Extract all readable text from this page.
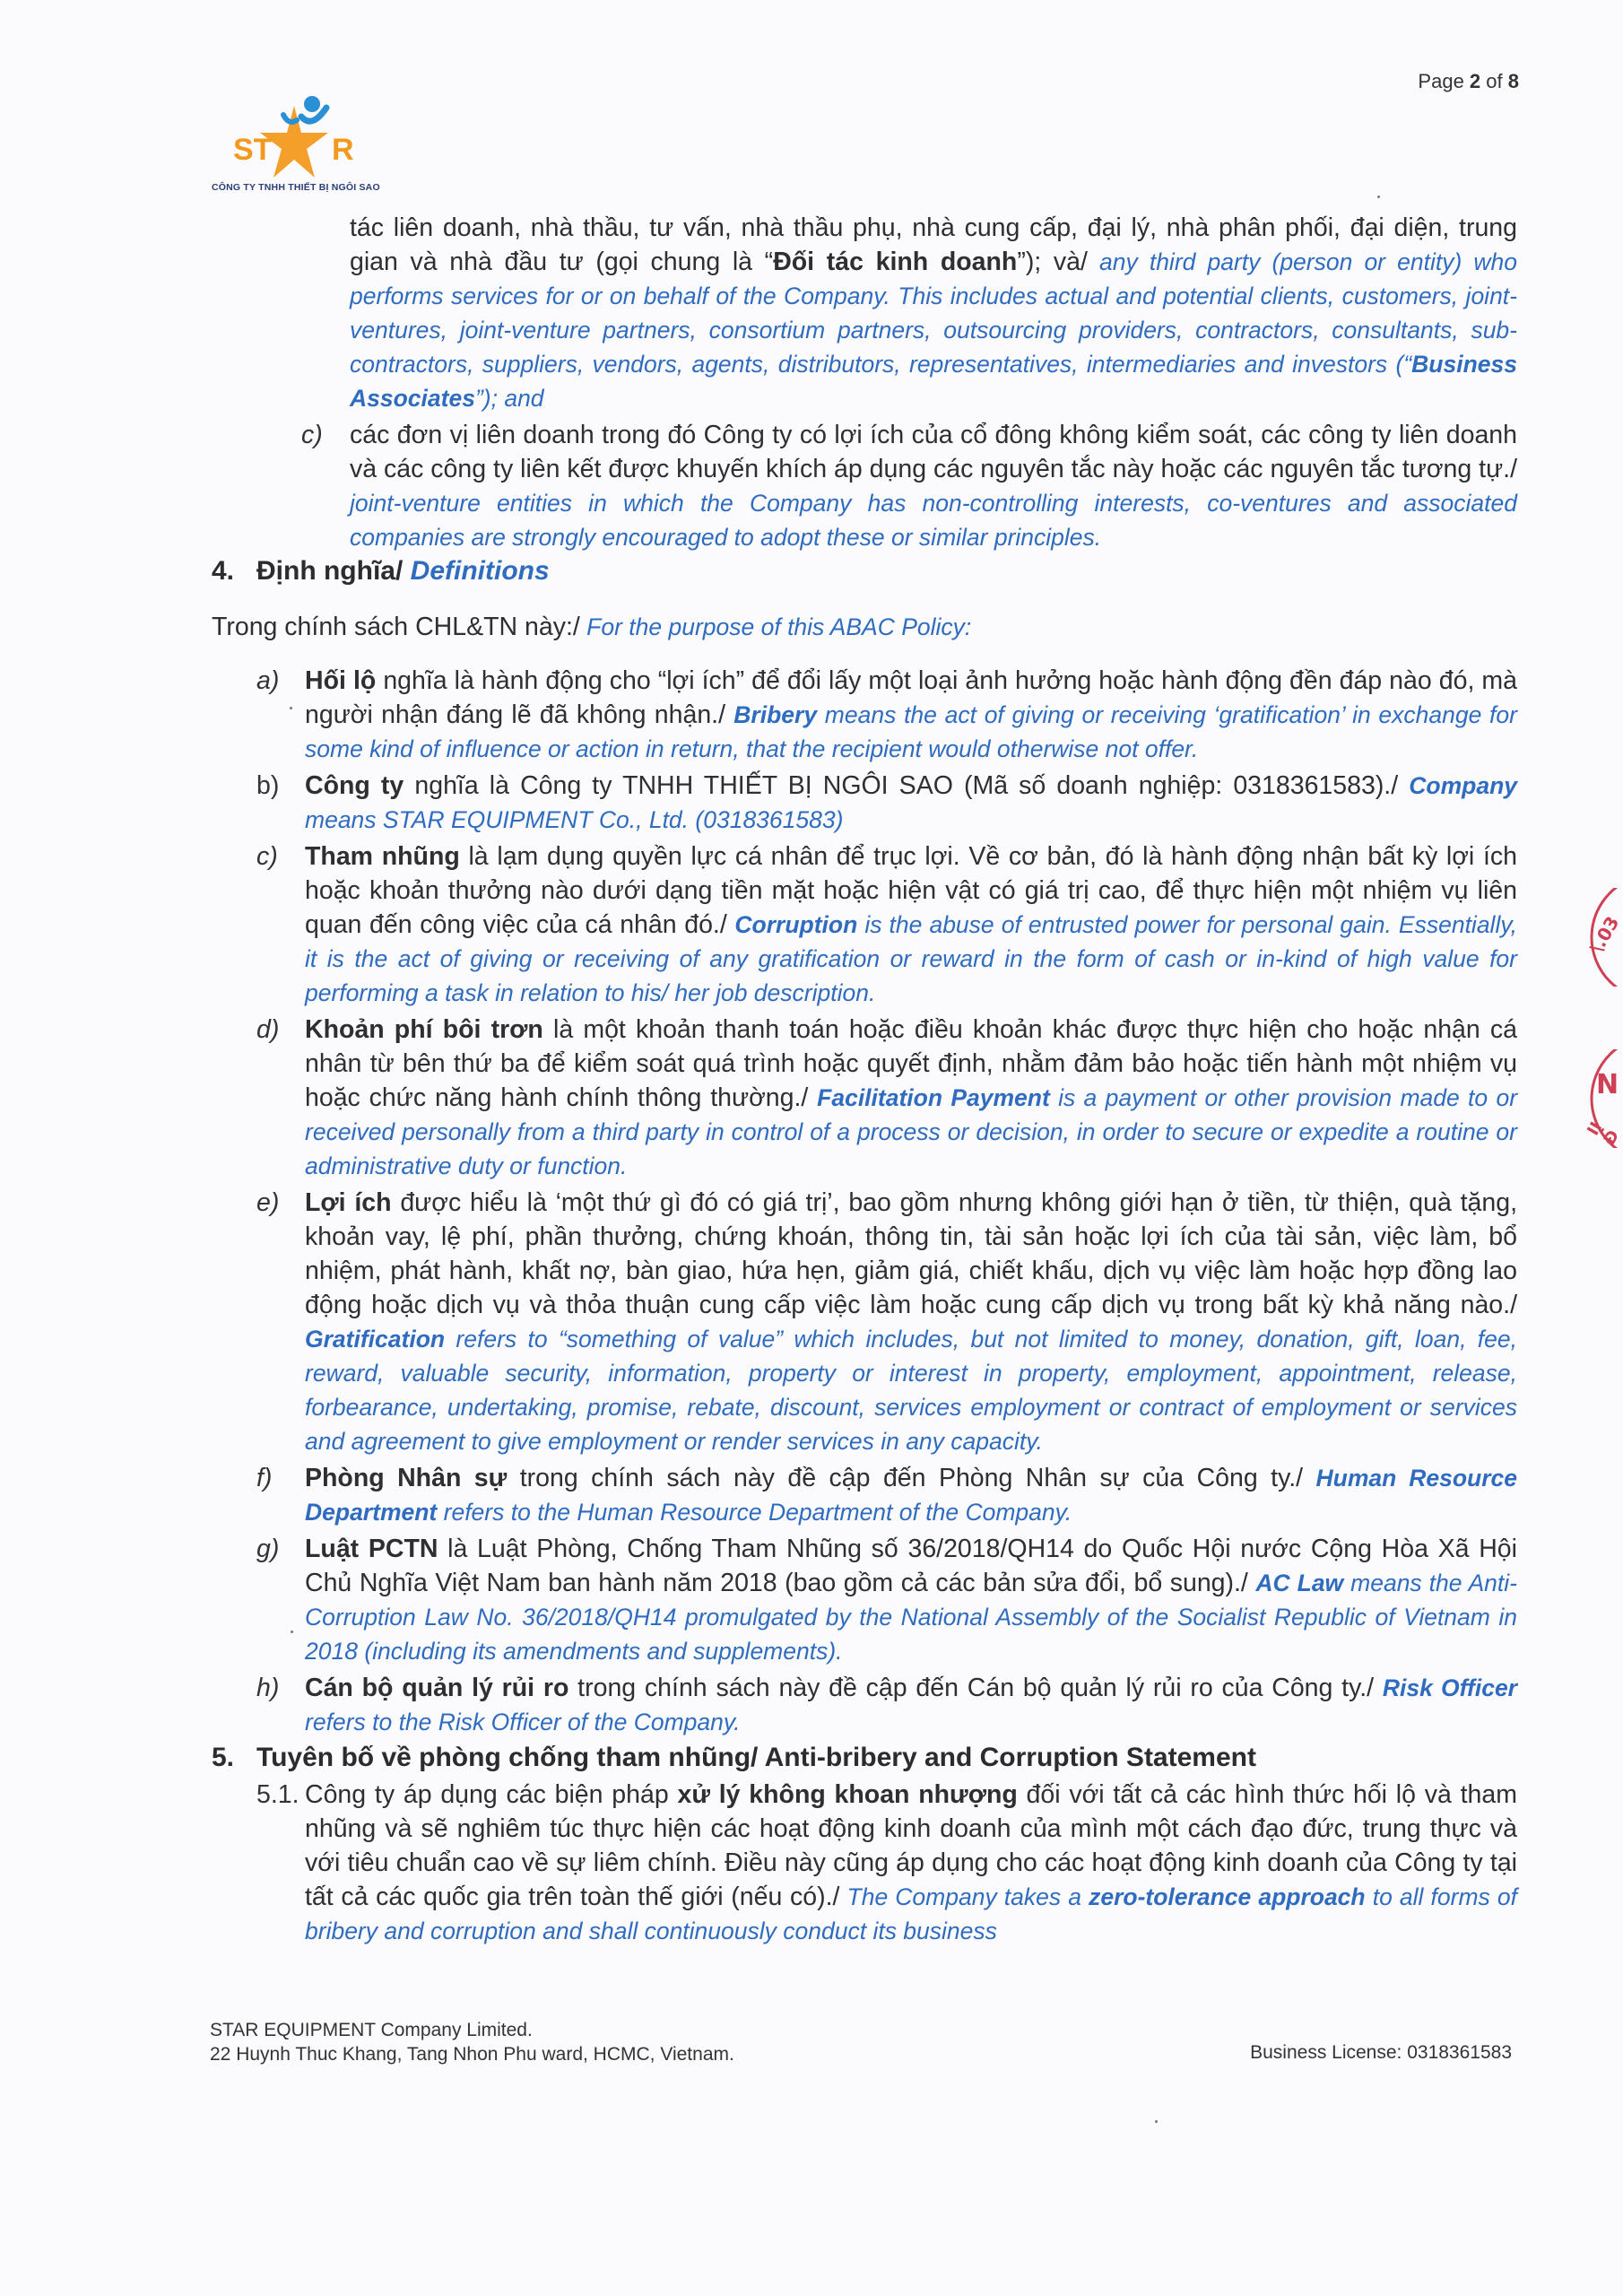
Page 2 of 8
ST R
CÔNG TY TNHH THIẾT BỊ NGÔI SAO
tác liên doanh, nhà thầu, tư vấn, nhà thầu phụ, nhà cung cấp, đại lý, nhà phân phối, đại diện, trung gian và nhà đầu tư (gọi chung là “Đối tác kinh doanh”); và/ any third party (person or entity) who performs services for or on behalf of the Company. This includes actual and potential clients, customers, joint-ventures, joint-venture partners, consortium partners, outsourcing providers, contractors, consultants, sub-contractors, suppliers, vendors, agents, distributors, representatives, intermediaries and investors (“Business Associates”); and
c)	các đơn vị liên doanh trong đó Công ty có lợi ích của cổ đông không kiểm soát, các công ty liên doanh và các công ty liên kết được khuyến khích áp dụng các nguyên tắc này hoặc các nguyên tắc tương tự./ joint-venture entities in which the Company has non-controlling interests, co-ventures and associated companies are strongly encouraged to adopt these or similar principles.
4. Định nghĩa/ Definitions
Trong chính sách CHL&TN này:/ For the purpose of this ABAC Policy:
a)	Hối lộ nghĩa là hành động cho “lợi ích” để đổi lấy một loại ảnh hưởng hoặc hành động đền đáp nào đó, mà người nhận đáng lẽ đã không nhận./ Bribery means the act of giving or receiving ‘gratification’ in exchange for some kind of influence or action in return, that the recipient would otherwise not offer.
b)	Công ty nghĩa là Công ty TNHH THIẾT BỊ NGÔI SAO (Mã số doanh nghiệp: 0318361583)./ Company means STAR EQUIPMENT Co., Ltd. (0318361583)
c)	Tham nhũng là lạm dụng quyền lực cá nhân để trục lợi. Về cơ bản, đó là hành động nhận bất kỳ lợi ích hoặc khoản thưởng nào dưới dạng tiền mặt hoặc hiện vật có giá trị cao, để thực hiện một nhiệm vụ liên quan đến công việc của cá nhân đó./ Corruption is the abuse of entrusted power for personal gain. Essentially, it is the act of giving or receiving of any gratification or reward in the form of cash or in-kind of high value for performing a task in relation to his/ her job description.
d)	Khoản phí bôi trơn là một khoản thanh toán hoặc điều khoản khác được thực hiện cho hoặc nhận cá nhân từ bên thứ ba để kiểm soát quá trình hoặc quyết định, nhằm đảm bảo hoặc tiến hành một nhiệm vụ hoặc chức năng hành chính thông thường./ Facilitation Payment is a payment or other provision made to or received personally from a third party in control of a process or decision, in order to secure or expedite a routine or administrative duty or function.
e)	Lợi ích được hiểu là ‘một thứ gì đó có giá trị’, bao gồm nhưng không giới hạn ở tiền, từ thiện, quà tặng, khoản vay, lệ phí, phần thưởng, chứng khoán, thông tin, tài sản hoặc lợi ích của tài sản, việc làm, bổ nhiệm, phát hành, khất nợ, bàn giao, hứa hẹn, giảm giá, chiết khấu, dịch vụ việc làm hoặc hợp đồng lao động hoặc dịch vụ và thỏa thuận cung cấp việc làm hoặc cung cấp dịch vụ trong bất kỳ khả năng nào./ Gratification refers to “something of value” which includes, but not limited to money, donation, gift, loan, fee, reward, valuable security, information, property or interest in property, employment, appointment, release, forbearance, undertaking, promise, rebate, discount, services employment or contract of employment or services and agreement to give employment or render services in any capacity.
f)	Phòng Nhân sự trong chính sách này đề cập đến Phòng Nhân sự của Công ty./ Human Resource Department refers to the Human Resource Department of the Company.
g)	Luật PCTN là Luật Phòng, Chống Tham Nhũng số 36/2018/QH14 do Quốc Hội nước Cộng Hòa Xã Hội Chủ Nghĩa Việt Nam ban hành năm 2018 (bao gồm cả các bản sửa đổi, bổ sung)./ AC Law means the Anti-Corruption Law No. 36/2018/QH14 promulgated by the National Assembly of the Socialist Republic of Vietnam in 2018 (including its amendments and supplements).
h)	Cán bộ quản lý rủi ro trong chính sách này đề cập đến Cán bộ quản lý rủi ro của Công ty./ Risk Officer refers to the Risk Officer of the Company.
5. Tuyên bố về phòng chống tham nhũng/ Anti-bribery and Corruption Statement
5.1. Công ty áp dụng các biện pháp xử lý không khoan nhượng đối với tất cả các hình thức hối lộ và tham nhũng và sẽ nghiêm túc thực hiện các hoạt động kinh doanh của mình một cách đạo đức, trung thực và với tiêu chuẩn cao về sự liêm chính. Điều này cũng áp dụng cho các hoạt động kinh doanh của Công ty tại tất cả các quốc gia trên toàn thế giới (nếu có)./ The Company takes a zero-tolerance approach to all forms of bribery and corruption and shall continuously conduct its business
STAR EQUIPMENT Company Limited.
22 Huynh Thuc Khang, Tang Nhon Phu ward, HCMC, Vietnam.	Business License: 0318361583
\.03
N
IỊ Đ
